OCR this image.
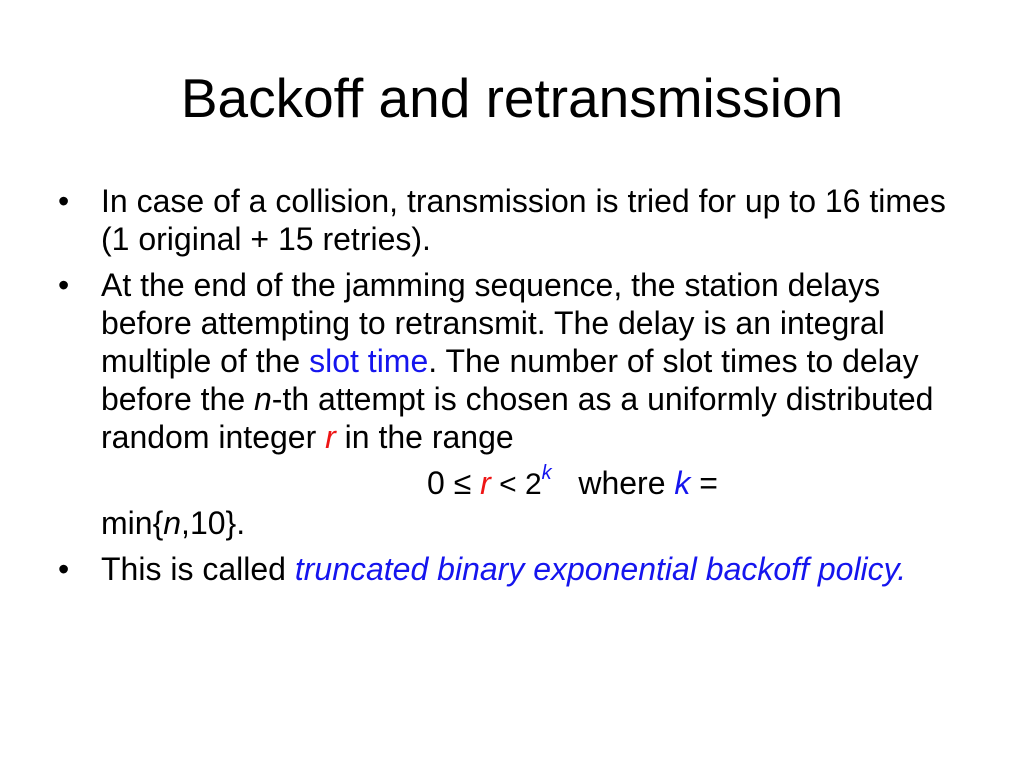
Backoff and retransmission
• In case of a collision, transmission is tried for up to 16 times (1 original + 15 retries).
• At the end of the jamming sequence, the station delays before attempting to retransmit. The delay is an integral multiple of the slot time. The number of slot times to delay before the n-th attempt is chosen as a uniformly distributed random integer r in the range
$0 \le r < 2^k$   where k =
min{n,10}.
• This is called truncated binary exponential backoff policy.
